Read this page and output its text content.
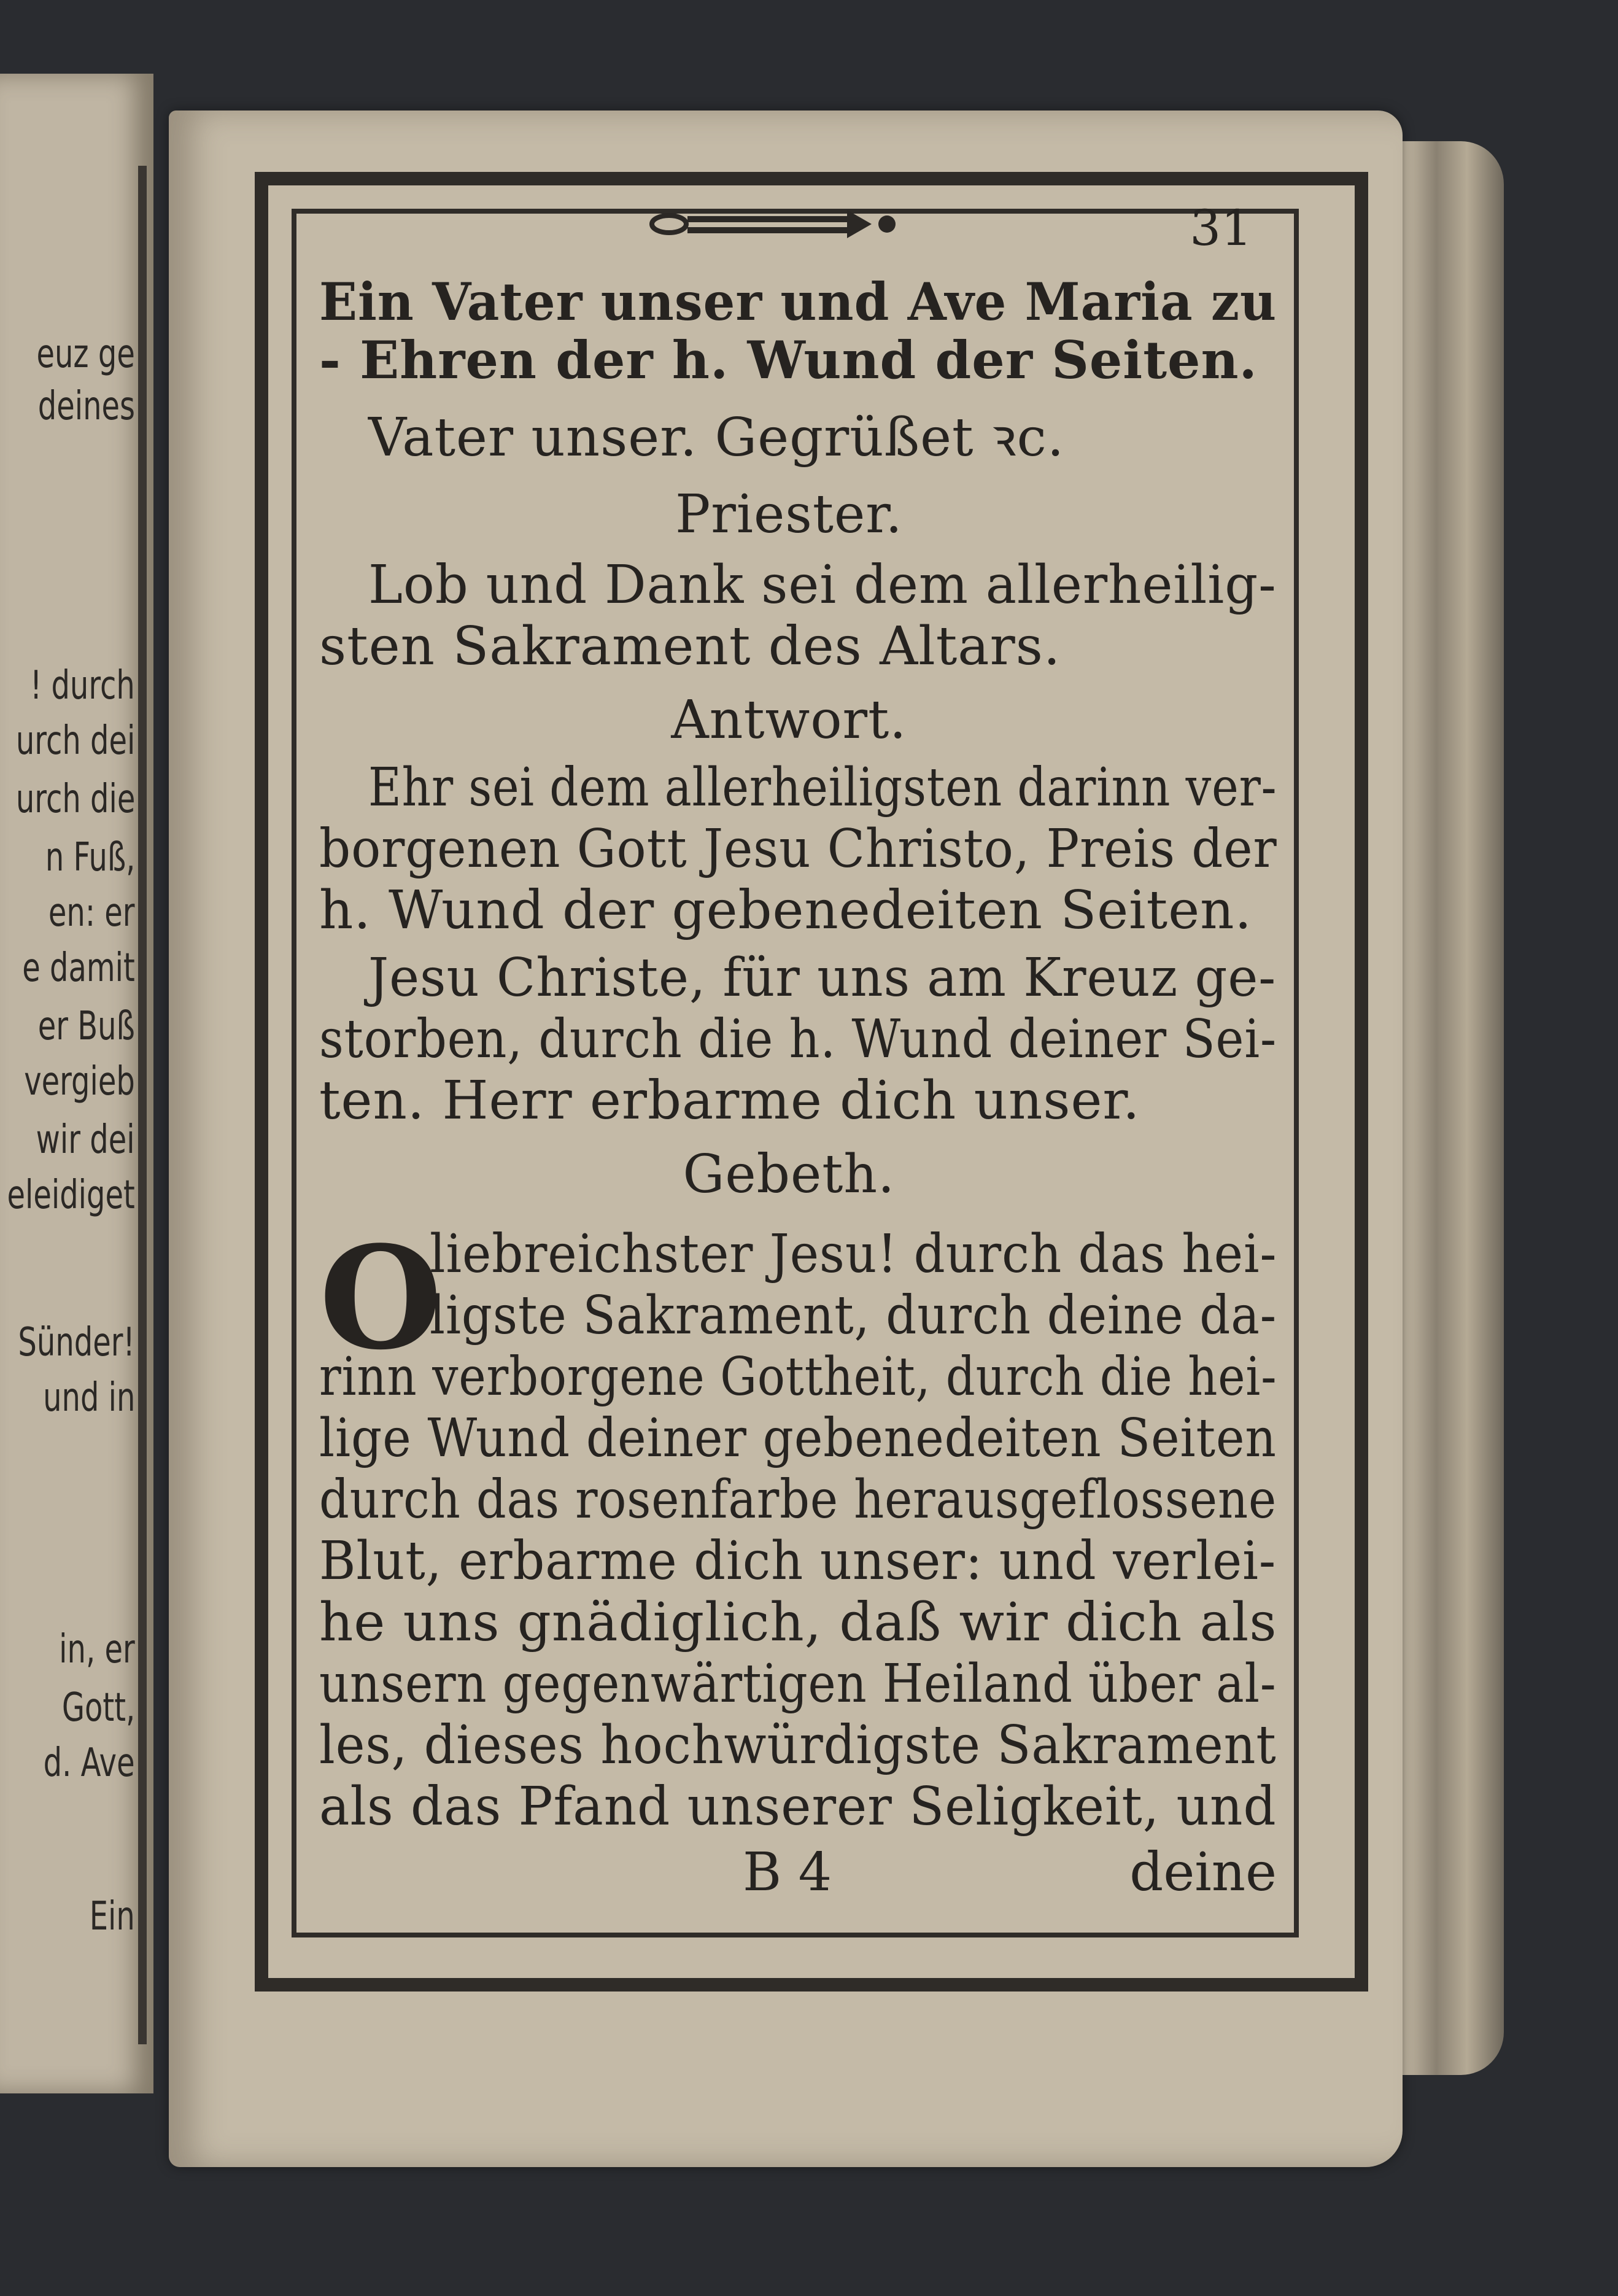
euz ge
deines
! durch
urch dei
urch die
n Fuß,
en: er
e damit
er Buß
vergieb
wir dei
eleidiget
Sünder!
und in
in, er
Gott,
d. Ave
Ein
31
Ein Vater unser und Ave Maria zu
- Ehren der h. Wund der Seiten.
Vater unser. Gegrüßet ꝛc.
Priester.
Lob und Dank sei dem allerheilig-
sten Sakrament des Altars.
Antwort.
Ehr sei dem allerheiligsten darinn ver-
borgenen Gott Jesu Christo, Preis der
h. Wund der gebenedeiten Seiten.
Jesu Christe, für uns am Kreuz ge-
storben, durch die h. Wund deiner Sei-
ten. Herr erbarme dich unser.
Gebeth.
O
liebreichster Jesu! durch das hei-
ligste Sakrament, durch deine da-
rinn verborgene Gottheit, durch die hei-
lige Wund deiner gebenedeiten Seiten
durch das rosenfarbe herausgeflossene
Blut, erbarme dich unser: und verlei-
he uns gnädiglich, daß wir dich als
unsern gegenwärtigen Heiland über al-
les, dieses hochwürdigste Sakrament
als das Pfand unserer Seligkeit, und
B 4	deine
